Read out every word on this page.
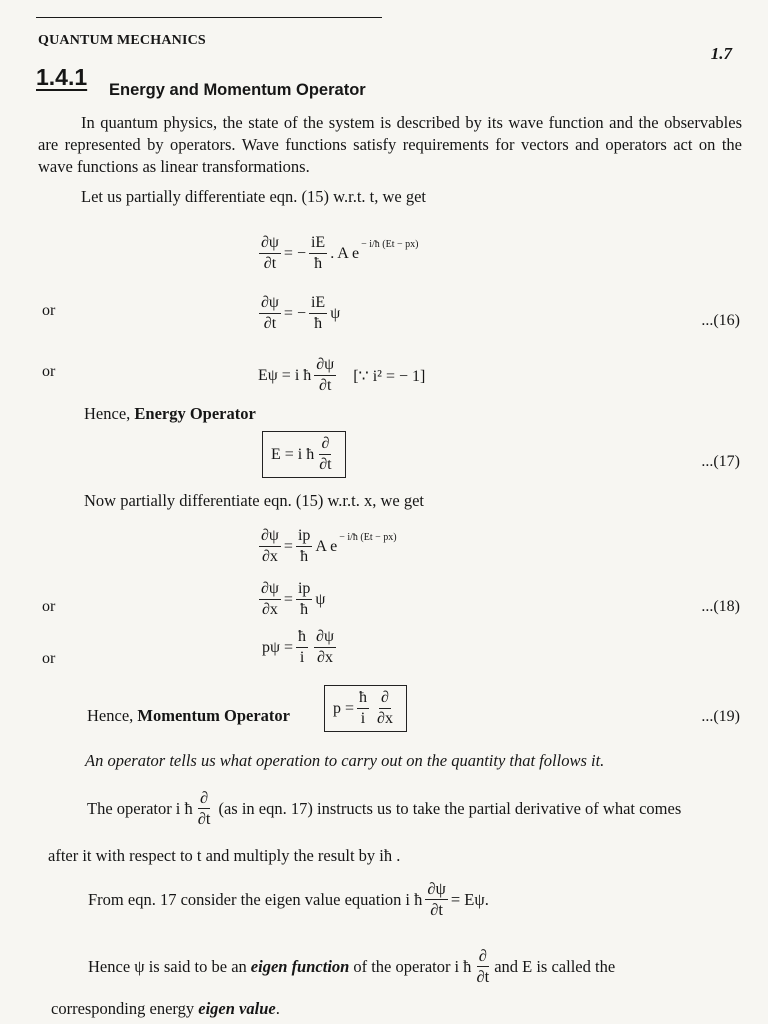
QUANTUM MECHANICS
1.7
1.4.1 Energy and Momentum Operator
In quantum physics, the state of the system is described by its wave function and the observables are represented by operators. Wave functions satisfy requirements for vectors and operators act on the wave functions as linear transformations.
Let us partially differentiate eqn. (15) w.r.t. t, we get
$\frac{\partial\psi}{\partial t}$ = − $\frac{iE}{ħ}$ . A e − i/ħ (Et − px)
or	$\frac{\partial\psi}{\partial t}$ = − $\frac{iE}{ħ}$ ψ	...(16)
or	Eψ = i ħ $\frac{\partial\psi}{\partial t}$ [∵ i² = − 1]
Hence, Energy Operator
E = i ħ $\frac{\partial}{\partial t}$	...(17)
Now partially differentiate eqn. (15) w.r.t. x, we get
$\frac{\partial\psi}{\partial x} = \frac{ip}{ħ}$ A e − i/ħ (Et − px)
or	$\frac{\partial\psi}{\partial x} = \frac{ip}{ħ}$ ψ	...(18)
or
$p\psi = \frac{ħ}{i} \frac{\partial\psi}{\partial x}$
Hence, Momentum Operator	$p = \frac{ħ}{i} \frac{\partial}{\partial x}$	...(19)
An operator tells us what operation to carry out on the quantity that follows it.
The operator i ħ $\frac{\partial}{\partial t} (as$ in eqn. 17) instructs us to take the partial derivative of what comes
after it with respect to t and multiply the result by iħ .
From eqn. 17 consider the eigen value equation i ħ $\frac{\partial\psi}{\partial t} = E\psi$.
Hence ψ is said to be an eigen function of the operator i ħ $\frac{\partial}{\partial t}$ and E is called the
corresponding energy eigen value.
